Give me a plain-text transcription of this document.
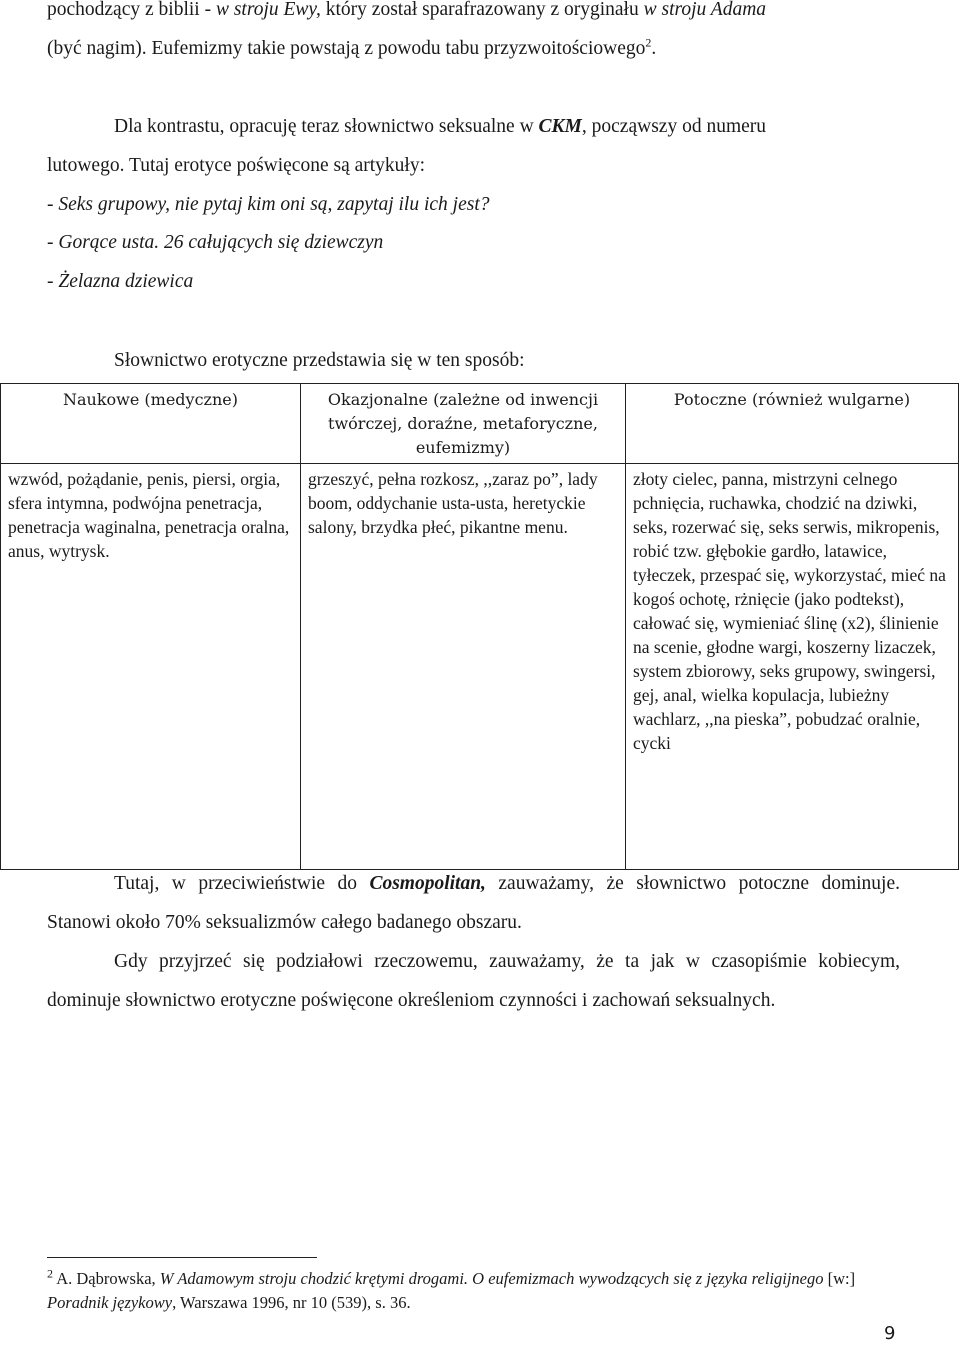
pochodzący z biblii - w stroju Ewy, który został sparafrazowany z oryginału w stroju Adama
(być nagim). Eufemizmy takie powstają z powodu tabu przyzwoitościowego$^2$.
Dla kontrastu, opracuję teraz słownictwo seksualne w CKM, począwszy od numeru
lutowego. Tutaj erotyce poświęcone są artykuły:
- Seks grupowy, nie pytaj kim oni są, zapytaj ilu ich jest?
- Gorące usta. 26 całujących się dziewczyn
- Żelazna dziewica
Słownictwo erotyczne przedstawia się w ten sposób:
Naukowe (medyczne)	Okazjonalne (zależne od inwencji twórczej, doraźne, metaforyczne, eufemizmy)	Potoczne (również wulgarne)
wzwód, pożądanie, penis, piersi, orgia, sfera intymna, podwójna penetracja, penetracja waginalna, penetracja oralna, anus, wytrysk.	grzeszyć, pełna rozkosz, ,,zaraz po”, lady boom, oddychanie usta-usta, heretyckie salony, brzydka płeć, pikantne menu.	złoty cielec, panna, mistrzyni celnego pchnięcia, ruchawka, chodzić na dziwki, seks, rozerwać się, seks serwis, mikropenis, robić tzw. głębokie gardło, latawice, tyłeczek, przespać się, wykorzystać, mieć na kogoś ochotę, rżnięcie (jako podtekst), całować się, wymieniać ślinę (x2), ślinienie na scenie, głodne wargi, koszerny lizaczek, system zbiorowy, seks grupowy, swingersi, gej, anal, wielka kopulacja, lubieżny wachlarz, ,,na pieska”, pobudzać oralnie, cycki

Tutaj, w przeciwieństwie do Cosmopolitan, zauważamy, że słownictwo potoczne dominuje. Stanowi około 70% seksualizmów całego badanego obszaru.

Gdy przyjrzeć się podziałowi rzeczowemu, zauważamy, że ta jak w czasopiśmie kobiecym, dominuje słownictwo erotyczne poświęcone określeniom czynności i zachowań seksualnych.

$^2$ A. Dąbrowska, W Adamowym stroju chodzić krętymi drogami. O eufemizmach wywodzących się z języka religijnego [w:] Poradnik językowy, Warszawa 1996, nr 10 (539), s. 36.
9
